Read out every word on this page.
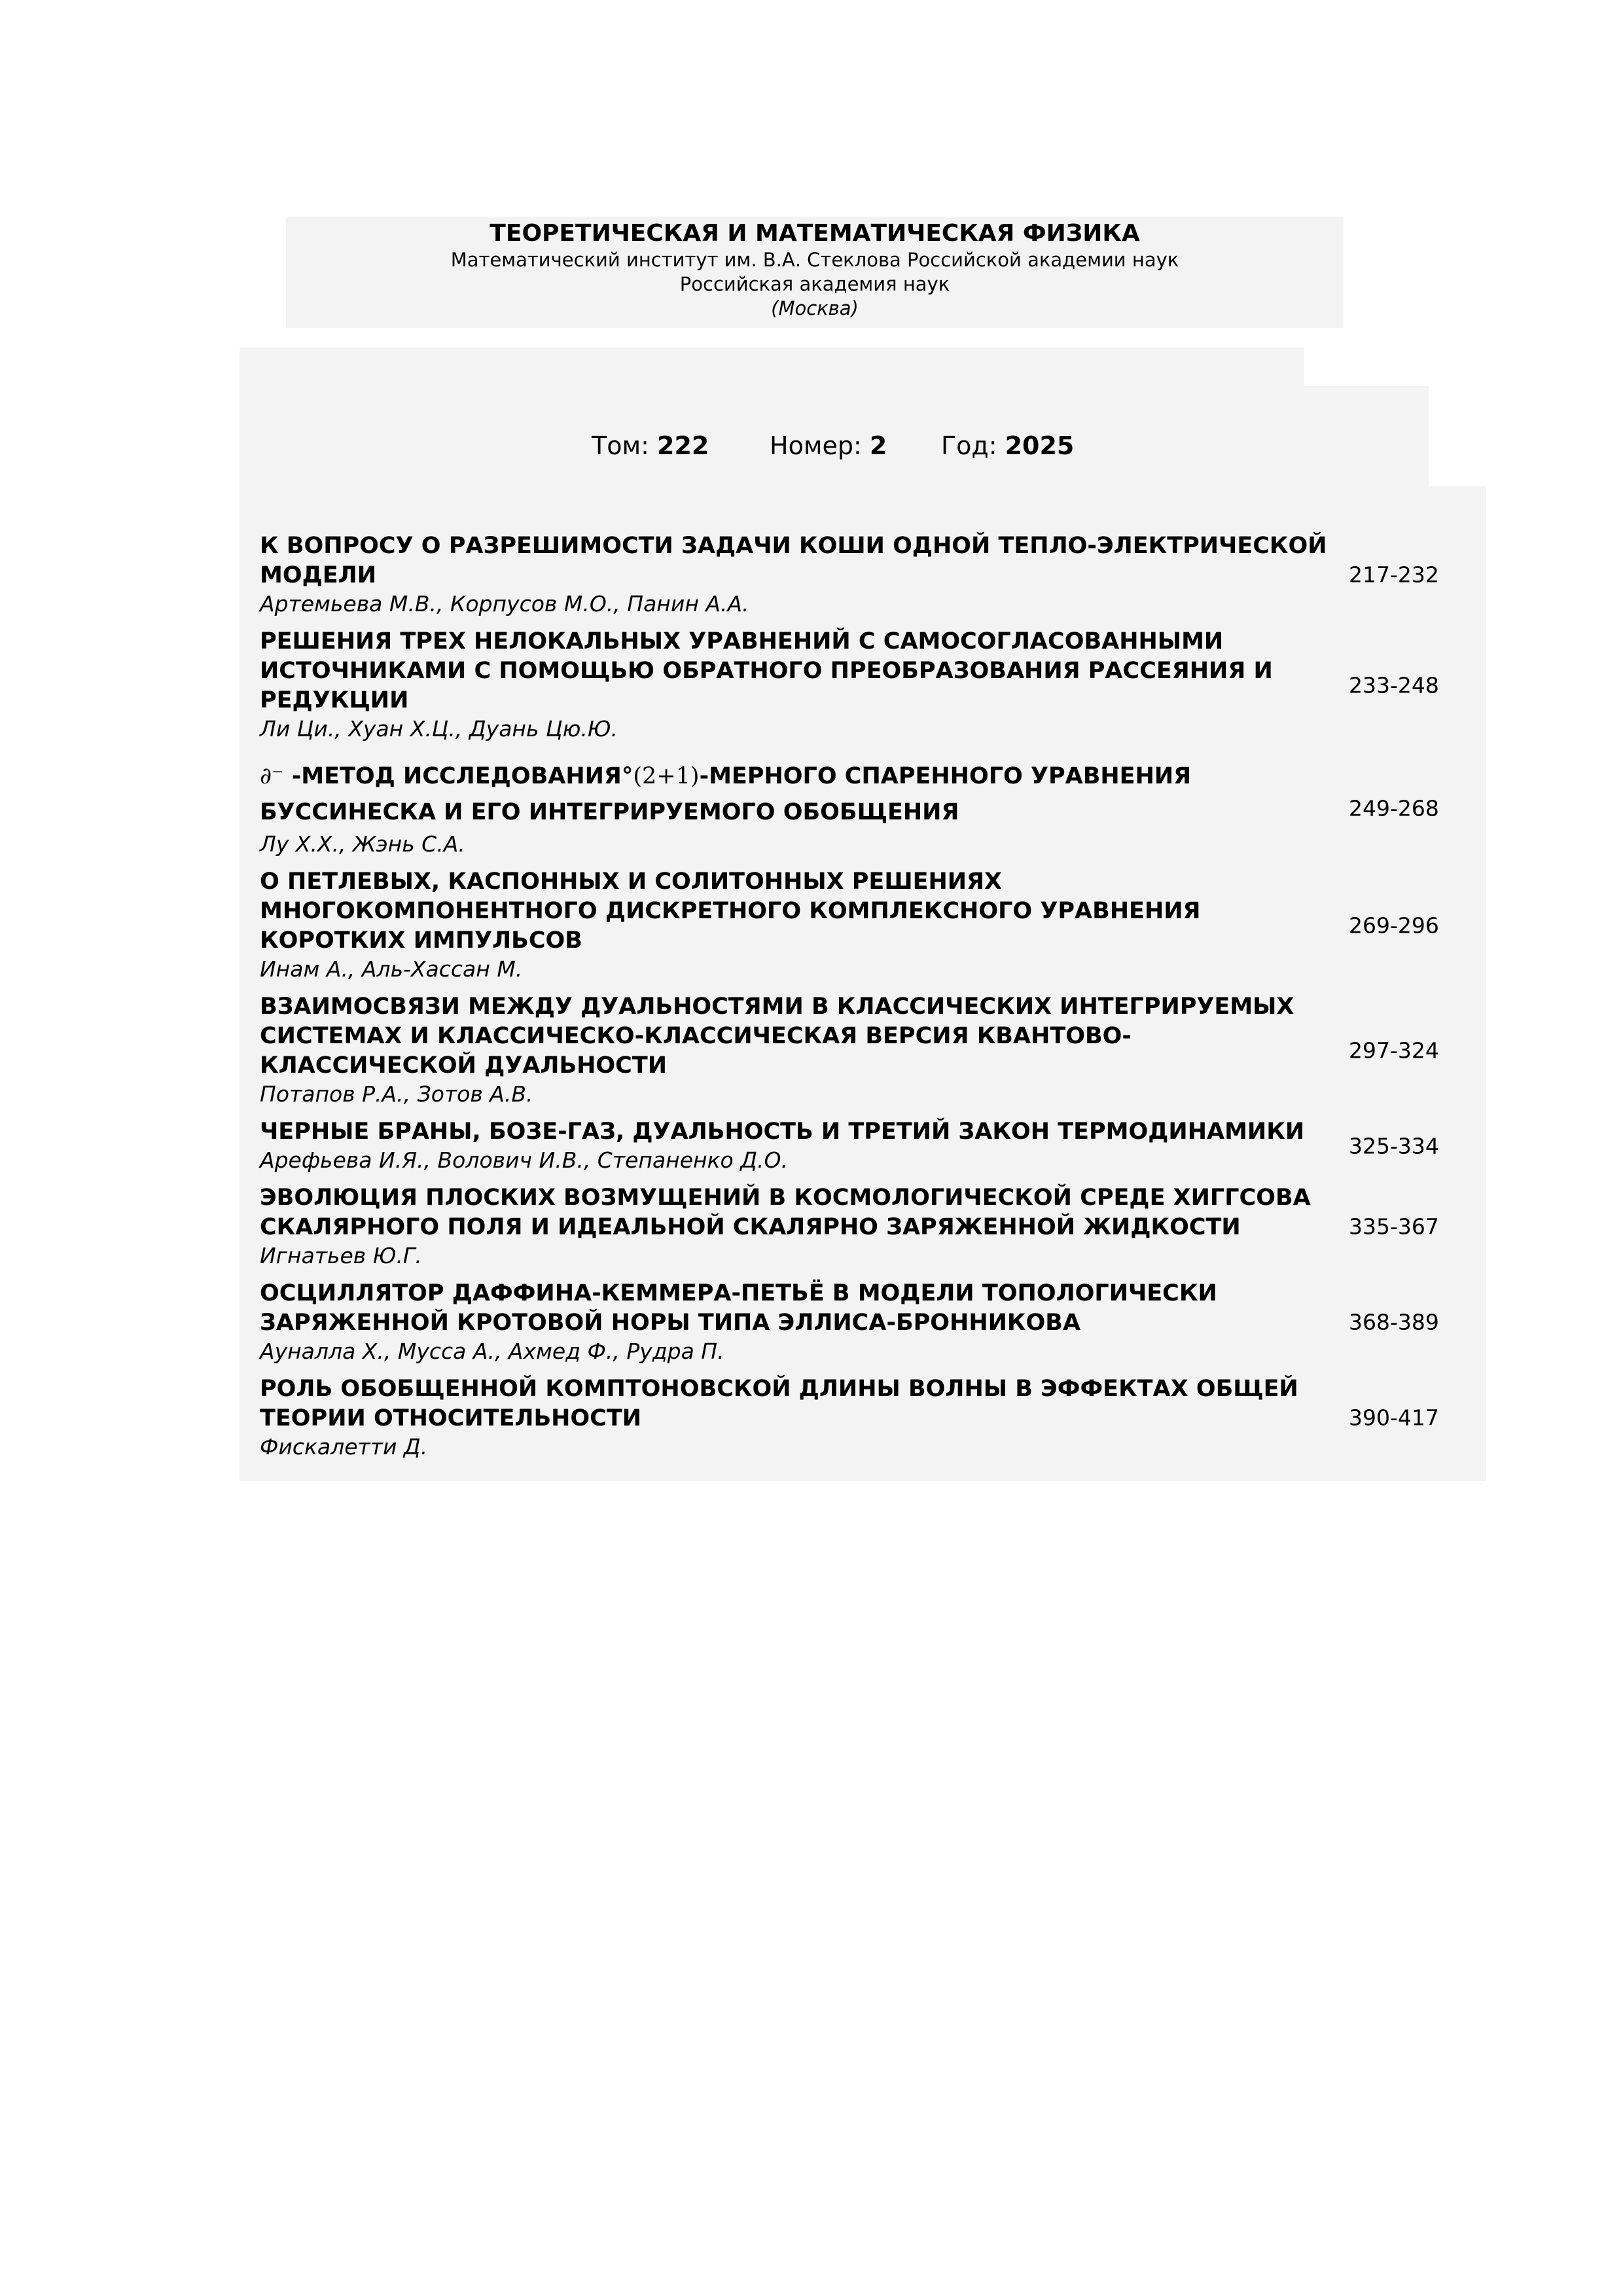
ТЕОРЕТИЧЕСКАЯ И МАТЕМАТИЧЕСКАЯ ФИЗИКА
Математический институт им. В.А. Стеклова Российской академии наук
Российская академия наук
(Москва)
Том: 222 Номер: 2 Год: 2025
К ВОПРОСУ О РАЗРЕШИМОСТИ ЗАДАЧИ КОШИ ОДНОЙ ТЕПЛО-ЭЛЕКТРИЧЕСКОЙ МОДЕЛИ
Артемьева М.В., Корпусов М.О., Панин А.А.
217-232
РЕШЕНИЯ ТРЕХ НЕЛОКАЛЬНЫХ УРАВНЕНИЙ С САМОСОГЛАСОВАННЫМИ ИСТОЧНИКАМИ С ПОМОЩЬЮ ОБРАТНОГО ПРЕОБРАЗОВАНИЯ РАССЕЯНИЯ И РЕДУКЦИИ
Ли Ци., Хуан Х.Ц., Дуань Цю.Ю.
233-248
∂⁻ -МЕТОД ИССЛЕДОВАНИЯ°(2+1)-МЕРНОГО СПАРЕННОГО УРАВНЕНИЯ БУССИНЕСКА И ЕГО ИНТЕГРИРУЕМОГО ОБОБЩЕНИЯ
Лу Х.Х., Жэнь С.А.
249-268
О ПЕТЛЕВЫХ, КАСПОННЫХ И СОЛИТОННЫХ РЕШЕНИЯХ МНОГОКОМПОНЕНТНОГО ДИСКРЕТНОГО КОМПЛЕКСНОГО УРАВНЕНИЯ КОРОТКИХ ИМПУЛЬСОВ
Инам А., Аль-Хассан М.
269-296
ВЗАИМОСВЯЗИ МЕЖДУ ДУАЛЬНОСТЯМИ В КЛАССИЧЕСКИХ ИНТЕГРИРУЕМЫХ СИСТЕМАХ И КЛАССИЧЕСКО-КЛАССИЧЕСКАЯ ВЕРСИЯ КВАНТОВО-КЛАССИЧЕСКОЙ ДУАЛЬНОСТИ
Потапов Р.А., Зотов А.В.
297-324
ЧЕРНЫЕ БРАНЫ, БОЗЕ-ГАЗ, ДУАЛЬНОСТЬ И ТРЕТИЙ ЗАКОН ТЕРМОДИНАМИКИ
Арефьева И.Я., Волович И.В., Степаненко Д.О.
325-334
ЭВОЛЮЦИЯ ПЛОСКИХ ВОЗМУЩЕНИЙ В КОСМОЛОГИЧЕСКОЙ СРЕДЕ ХИГГСОВА СКАЛЯРНОГО ПОЛЯ И ИДЕАЛЬНОЙ СКАЛЯРНО ЗАРЯЖЕННОЙ ЖИДКОСТИ
Игнатьев Ю.Г.
335-367
ОСЦИЛЛЯТОР ДАФФИНА-КЕММЕРА-ПЕТЬЁ В МОДЕЛИ ТОПОЛОГИЧЕСКИ ЗАРЯЖЕННОЙ КРОТОВОЙ НОРЫ ТИПА ЭЛЛИСА-БРОННИКОВА
Ауналла Х., Мусса А., Ахмед Ф., Рудра П.
368-389
РОЛЬ ОБОБЩЕННОЙ КОМПТОНОВСКОЙ ДЛИНЫ ВОЛНЫ В ЭФФЕКТАХ ОБЩЕЙ ТЕОРИИ ОТНОСИТЕЛЬНОСТИ
Фискалетти Д.
390-417
